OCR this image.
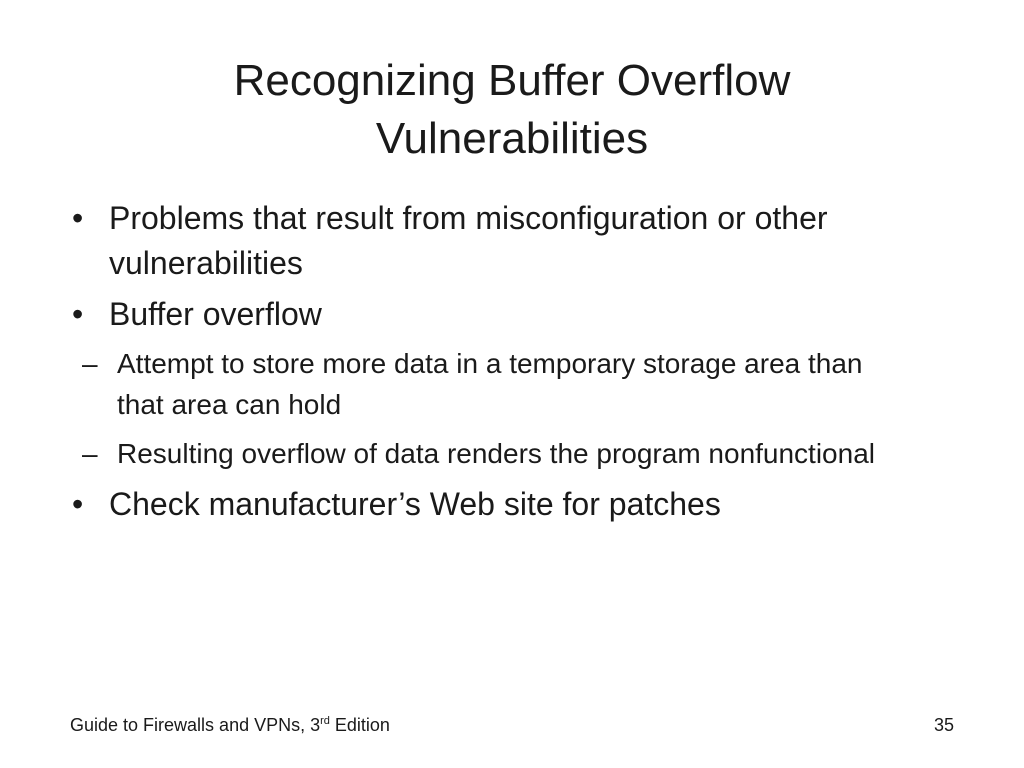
Recognizing Buffer Overflow
Vulnerabilities
• Problems that result from misconfiguration or other vulnerabilities
• Buffer overflow
– Attempt to store more data in a temporary storage area than that area can hold
– Resulting overflow of data renders the program nonfunctional
• Check manufacturer’s Web site for patches
Guide to Firewalls and VPNs, 3rd Edition	35
